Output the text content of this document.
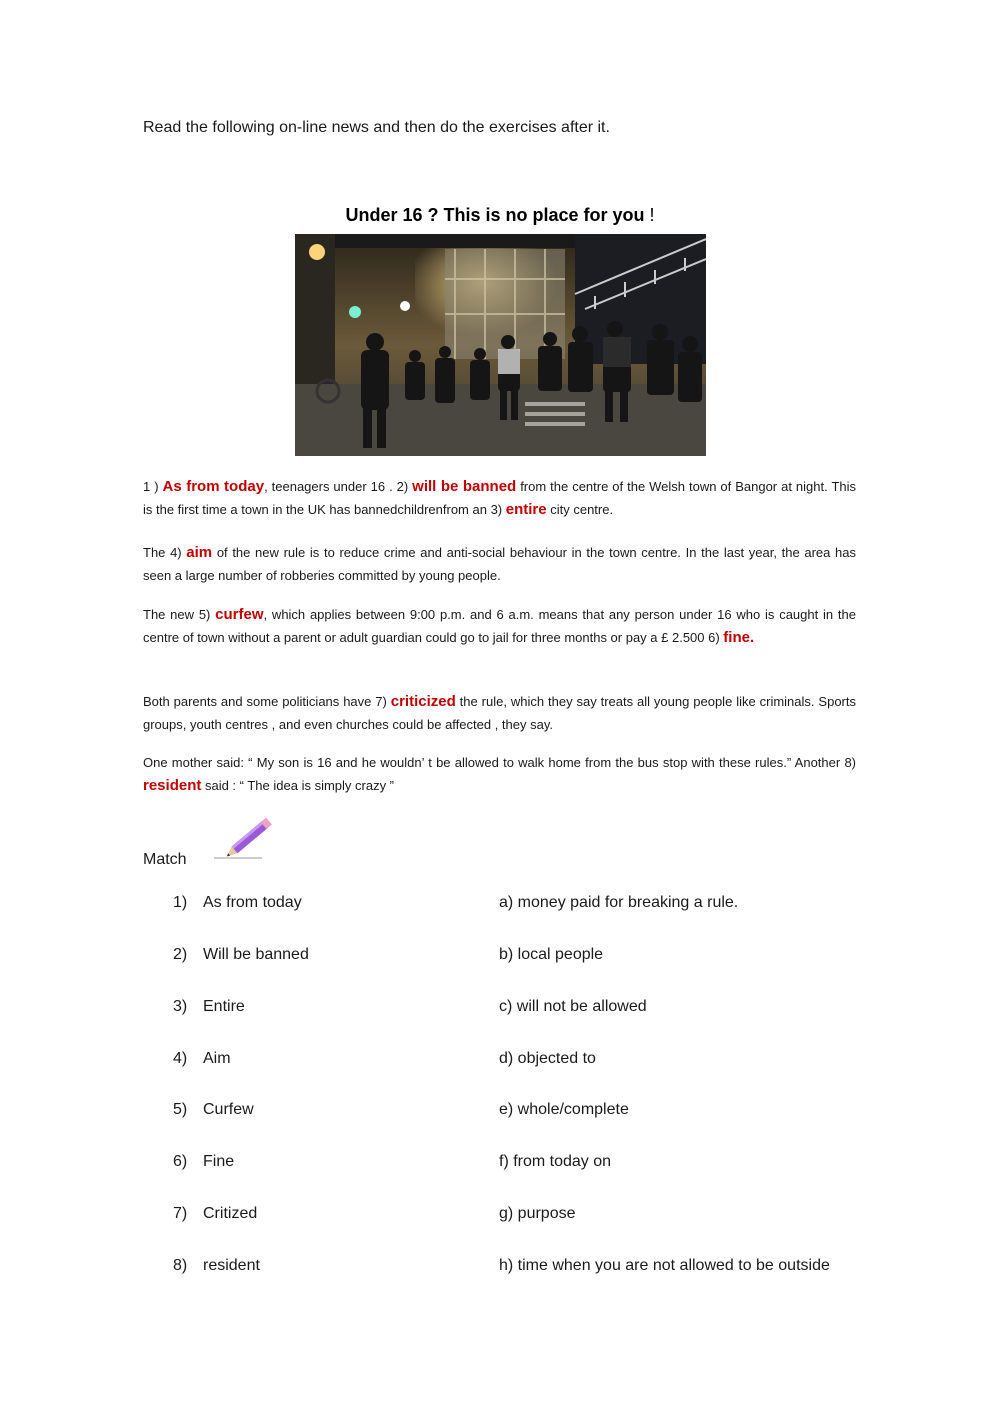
Read the following on-line news and then do the exercises after it.
Under 16 ? This is no place for you !
1 ) As from today, teenagers under 16 . 2) will be banned from the centre of the Welsh town of Bangor at night. This is the first time a town in the UK has bannedchildrenfrom an 3) entire city centre.
The 4) aim of the new rule is to reduce crime and anti-social behaviour in the town centre. In the last year, the area has seen a large number of robberies committed by young people.
The new 5) curfew, which applies between 9:00 p.m. and 6 a.m. means that any person under 16 who is caught in the centre of town without a parent or adult guardian could go to jail for three months or pay a £ 2.500 6) fine.
Both parents and some politicians have 7) criticized the rule, which they say treats all young people like criminals. Sports groups, youth centres , and even churches could be affected , they say.
One mother said: “ My son is 16 and he wouldn’ t be allowed to walk home from the bus stop with these rules.” Another 8) resident said : “ The idea is simply crazy ”
Match
1) As from today	a) money paid for breaking a rule.
2) Will be banned	b) local people
3) Entire	c) will not be allowed
4) Aim	d) objected to
5) Curfew	e) whole/complete
6) Fine	f) from today on
7) Critized	g) purpose
8) resident	h) time when you are not allowed to be outside
